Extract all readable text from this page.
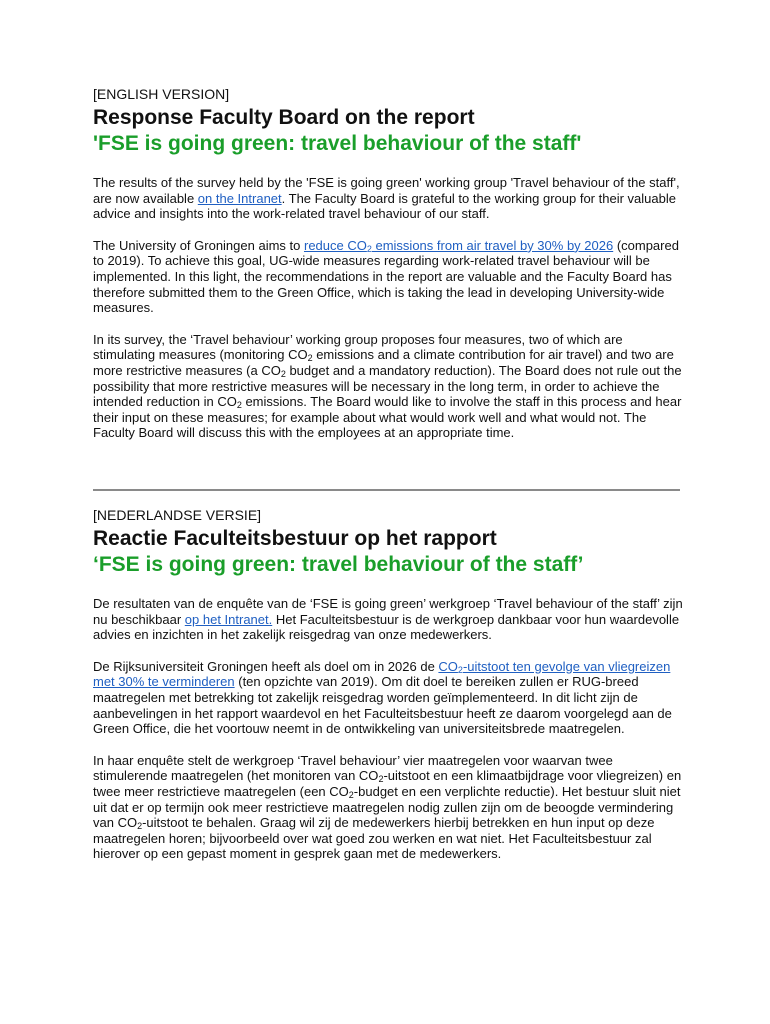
[ENGLISH VERSION]
Response Faculty Board on the report
'FSE is going green: travel behaviour of the staff'

The results of the survey held by the 'FSE is going green' working group 'Travel behaviour of the staff', are now available on the Intranet. The Faculty Board is grateful to the working group for their valuable advice and insights into the work-related travel behaviour of our staff.

The University of Groningen aims to reduce $CO_2$ emissions from air travel by 30% by 2026 (compared to 2019). To achieve this goal, UG-wide measures regarding work-related travel behaviour will be implemented. In this light, the recommendations in the report are valuable and the Faculty Board has therefore submitted them to the Green Office, which is taking the lead in developing University-wide measures.

In its survey, the ‘Travel behaviour’ working group proposes four measures, two of which are stimulating measures (monitoring $CO_2$ emissions and a climate contribution for air travel) and two are more restrictive measures (a $CO_2$ budget and a mandatory reduction). The Board does not rule out the possibility that more restrictive measures will be necessary in the long term, in order to achieve the intended reduction in $CO_2$ emissions. The Board would like to involve the staff in this process and hear their input on these measures; for example about what would work well and what would not. The Faculty Board will discuss this with the employees at an appropriate time.

[NEDERLANDSE VERSIE]
Reactie Faculteitsbestuur op het rapport
‘FSE is going green: travel behaviour of the staff’

De resultaten van de enquête van de ‘FSE is going green’ werkgroep ‘Travel behaviour of the staff’ zijn nu beschikbaar op het Intranet. Het Faculteitsbestuur is de werkgroep dankbaar voor hun waardevolle advies en inzichten in het zakelijk reisgedrag van onze medewerkers.

De Rijksuniversiteit Groningen heeft als doel om in 2026 de $CO_2$-uitstoot ten gevolge van vliegreizen met 30% te verminderen (ten opzichte van 2019). Om dit doel te bereiken zullen er RUG-breed maatregelen met betrekking tot zakelijk reisgedrag worden geïmplementeerd. In dit licht zijn de aanbevelingen in het rapport waardevol en het Faculteitsbestuur heeft ze daarom voorgelegd aan de Green Office, die het voortouw neemt in de ontwikkeling van universiteitsbrede maatregelen.

In haar enquête stelt de werkgroep ‘Travel behaviour’ vier maatregelen voor waarvan twee stimulerende maatregelen (het monitoren van $CO_2$-uitstoot en een klimaatbijdrage voor vliegreizen) en twee meer restrictieve maatregelen (een $CO_2$-budget en een verplichte reductie). Het bestuur sluit niet uit dat er op termijn ook meer restrictieve maatregelen nodig zullen zijn om de beoogde vermindering van $CO_2$-uitstoot te behalen. Graag wil zij de medewerkers hierbij betrekken en hun input op deze maatregelen horen; bijvoorbeeld over wat goed zou werken en wat niet. Het Faculteitsbestuur zal hierover op een gepast moment in gesprek gaan met de medewerkers.
